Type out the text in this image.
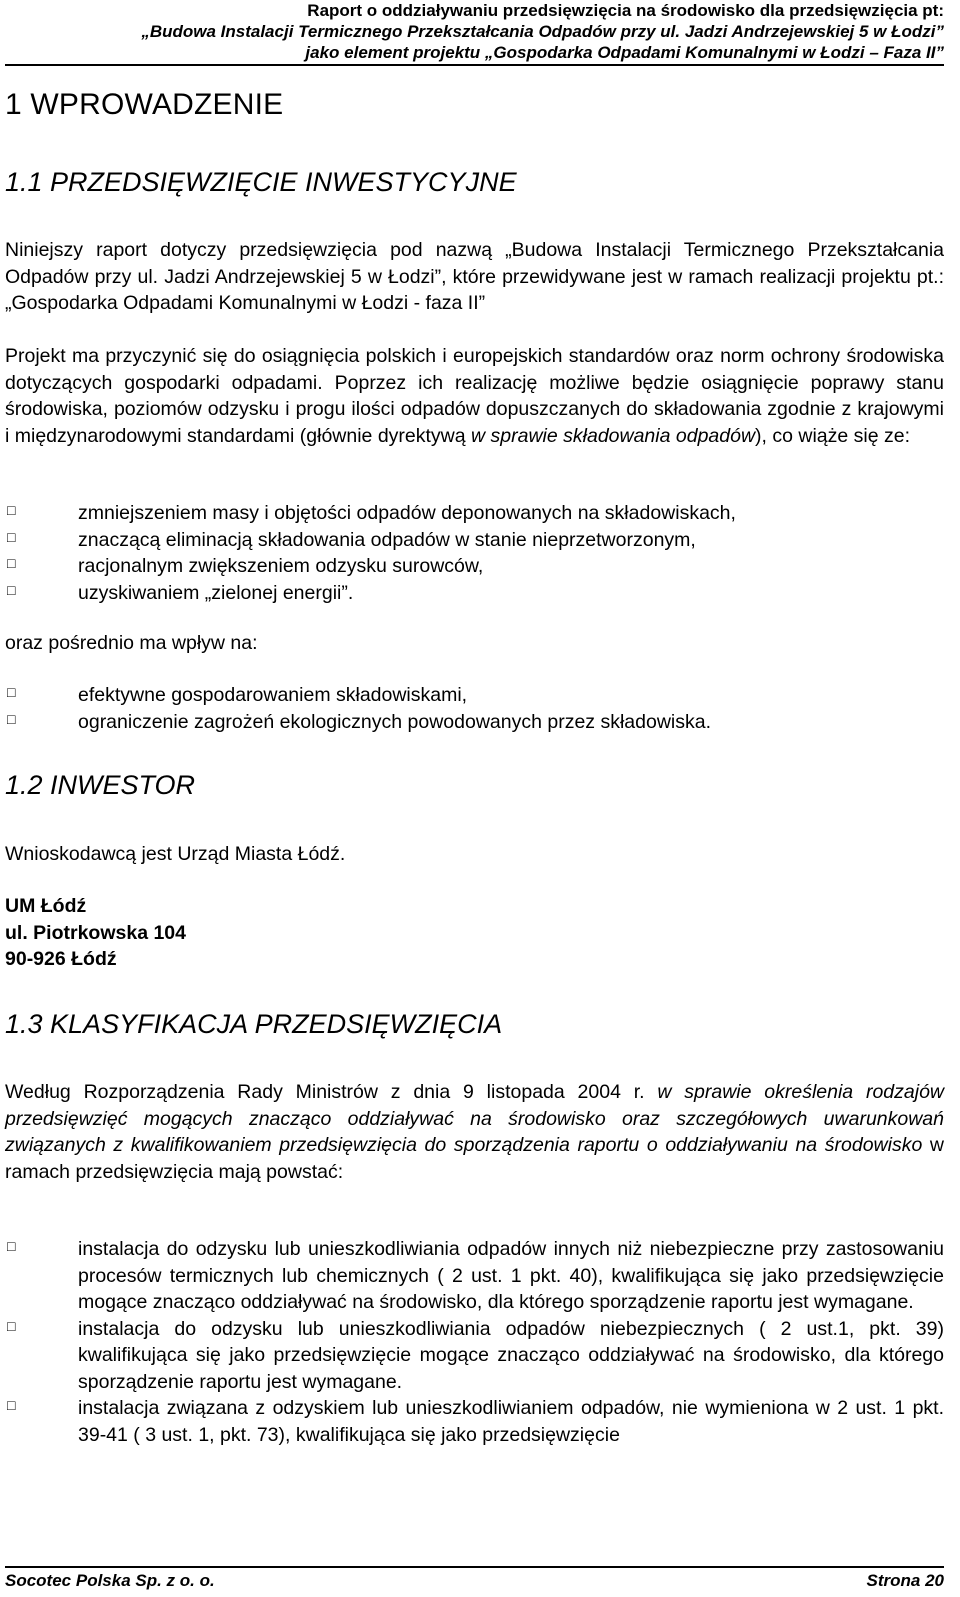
Raport o oddziaływaniu przedsięwzięcia na środowisko dla przedsięwzięcia pt:
„Budowa Instalacji Termicznego Przekształcania Odpadów przy ul. Jadzi Andrzejewskiej 5 w Łodzi”
jako element projektu „Gospodarka Odpadami Komunalnymi w Łodzi – Faza II”
1 WPROWADZENIE
1.1 PRZEDSIĘWZIĘCIE INWESTYCYJNE

Niniejszy raport dotyczy przedsięwzięcia pod nazwą „Budowa Instalacji Termicznego Przekształcania Odpadów przy ul. Jadzi Andrzejewskiej 5 w Łodzi”, które przewidywane jest w ramach realizacji projektu pt.: „Gospodarka Odpadami Komunalnymi w Łodzi - faza II”

Projekt ma przyczynić się do osiągnięcia polskich i europejskich standardów oraz norm ochrony środowiska dotyczących gospodarki odpadami. Poprzez ich realizację możliwe będzie osiągnięcie poprawy stanu środowiska, poziomów odzysku i progu ilości odpadów dopuszczanych do składowania zgodnie z krajowymi i międzynarodowymi standardami (głównie dyrektywą w sprawie składowania odpadów), co wiąże się ze:

□	zmniejszeniem masy i objętości odpadów deponowanych na składowiskach,
□	znaczącą eliminacją składowania odpadów w stanie nieprzetworzonym,
□	racjonalnym zwiększeniem odzysku surowców,
□	uzyskiwaniem „zielonej energii”.

oraz pośrednio ma wpływ na:

□	efektywne gospodarowaniem składowiskami,
□	ograniczenie zagrożeń ekologicznych powodowanych przez składowiska.
1.2 INWESTOR

Wnioskodawcą jest Urząd Miasta Łódź.

UM Łódź
ul. Piotrkowska 104
90-926 Łódź
1.3 KLASYFIKACJA PRZEDSIĘWZIĘCIA

Według Rozporządzenia Rady Ministrów z dnia 9 listopada 2004 r. w sprawie określenia rodzajów przedsięwzięć mogących znacząco oddziaływać na środowisko oraz szczegółowych uwarunkowań związanych z kwalifikowaniem przedsięwzięcia do sporządzenia raportu o oddziaływaniu na środowisko w ramach przedsięwzięcia mają powstać:

□	instalacja do odzysku lub unieszkodliwiania odpadów innych niż niebezpieczne przy zastosowaniu procesów termicznych lub chemicznych ( 2 ust. 1 pkt. 40), kwalifikująca się jako przedsięwzięcie mogące znacząco oddziaływać na środowisko, dla którego sporządzenie raportu jest wymagane.
□	instalacja do odzysku lub unieszkodliwiania odpadów niebezpiecznych ( 2 ust.1, pkt. 39) kwalifikująca się jako przedsięwzięcie mogące znacząco oddziaływać na środowisko, dla którego sporządzenie raportu jest wymagane.
□	instalacja związana z odzyskiem lub unieszkodliwianiem odpadów, nie wymieniona w 2 ust. 1 pkt. 39-41 ( 3 ust. 1, pkt. 73), kwalifikująca się jako przedsięwzięcie
Socotec Polska Sp. z o. o.	Strona 20
